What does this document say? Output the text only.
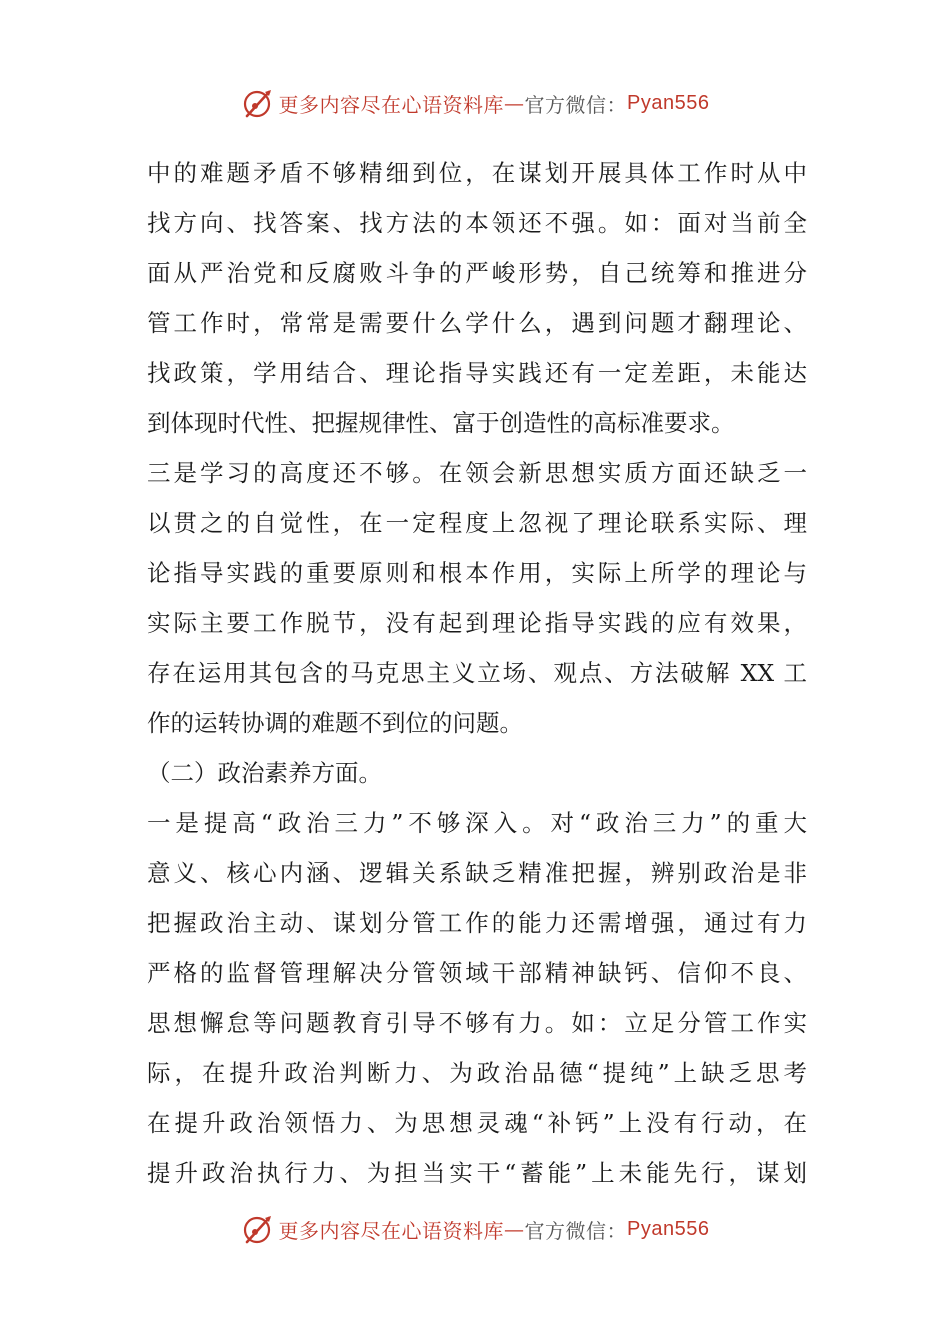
更多内容尽在心语资料库 — 官方微信： Pyan556
中的难题矛盾不够精细到位，在谋划开展具体工作时从中
找方向、找答案、找方法的本领还不强。如：面对当前全
面从严治党和反腐败斗争的严峻形势，自己统筹和推进分
管工作时，常常是需要什么学什么，遇到问题才翻理论、
找政策，学用结合、理论指导实践还有一定差距，未能达
到体现时代性、把握规律性、富于创造性的高标准要求。
三是学习的高度还不够。在领会新思想实质方面还缺乏一
以贯之的自觉性，在一定程度上忽视了理论联系实际、理
论指导实践的重要原则和根本作用，实际上所学的理论与
实际主要工作脱节，没有起到理论指导实践的应有效果，
存在运用其包含的马克思主义立场、观点、方法破解 XX 工
作的运转协调的难题不到位的问题。
（二）政治素养方面。
一是提高“政治三力”不够深入。对“政治三力”的重大
意义、核心内涵、逻辑关系缺乏精准把握，辨别政治是非
把握政治主动、谋划分管工作的能力还需增强，通过有力
严格的监督管理解决分管领域干部精神缺钙、信仰不良、
思想懈怠等问题教育引导不够有力。如：立足分管工作实
际，在提升政治判断力、为政治品德“提纯”上缺乏思考
在提升政治领悟力、为思想灵魂“补钙”上没有行动，在
提升政治执行力、为担当实干“蓄能”上未能先行，谋划
更多内容尽在心语资料库 — 官方微信： Pyan556
